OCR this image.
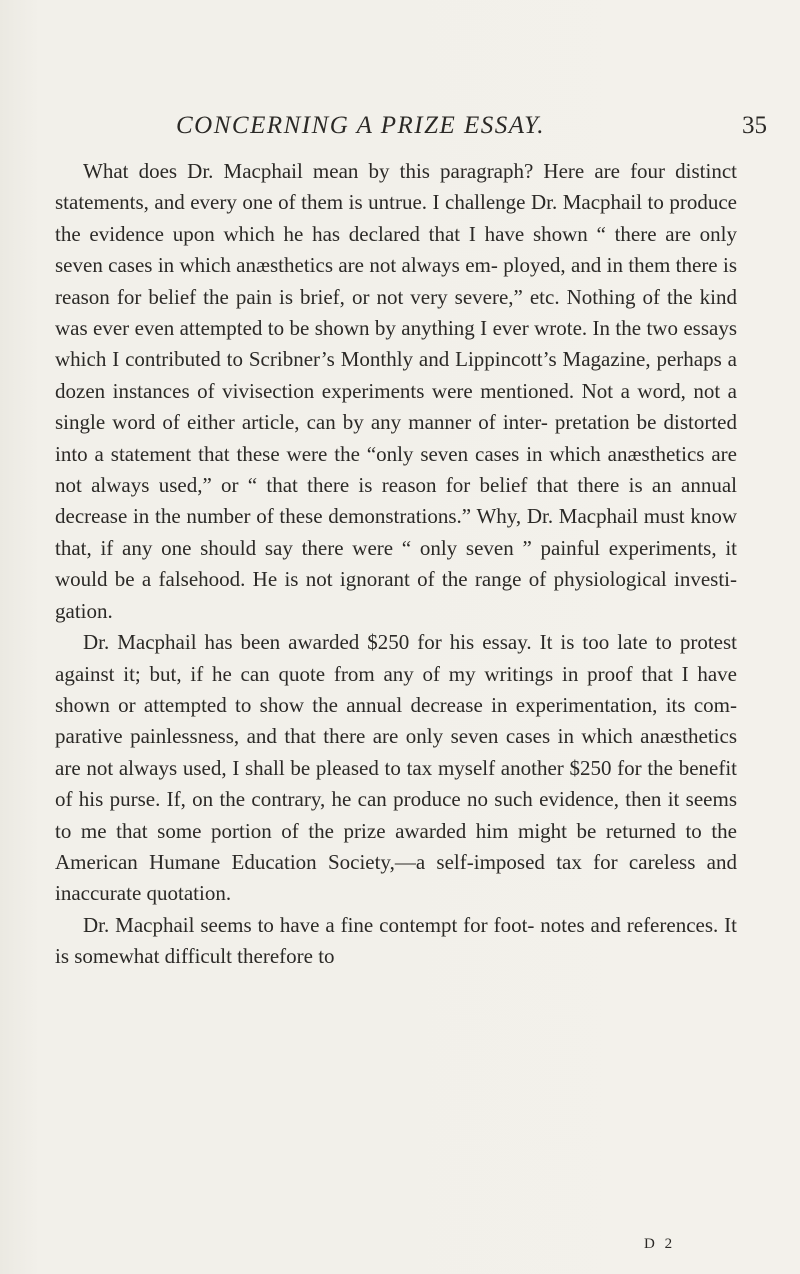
CONCERNING A PRIZE ESSAY.	35

What does Dr. Macphail mean by this paragraph? Here are four distinct statements, and every one of them is untrue. I challenge Dr. Macphail to produce the evidence upon which he has declared that I have shown “ there are only seven cases in which anæsthetics are not always em- ployed, and in them there is reason for belief the pain is brief, or not very severe,” etc. Nothing of the kind was ever even attempted to be shown by anything I ever wrote. In the two essays which I contributed to Scribner’s Monthly and Lippincott’s Magazine, perhaps a dozen instances of vivisection experiments were mentioned. Not a word, not a single word of either article, can by any manner of inter- pretation be distorted into a statement that these were the “only seven cases in which anæsthetics are not always used,” or “ that there is reason for belief that there is an annual decrease in the number of these demonstrations.” Why, Dr. Macphail must know that, if any one should say there were “ only seven ” painful experiments, it would be a falsehood. He is not ignorant of the range of physiological investi- gation.

Dr. Macphail has been awarded $250 for his essay. It is too late to protest against it; but, if he can quote from any of my writings in proof that I have shown or attempted to show the annual decrease in experimentation, its com- parative painlessness, and that there are only seven cases in which anæsthetics are not always used, I shall be pleased to tax myself another $250 for the benefit of his purse. If, on the contrary, he can produce no such evidence, then it seems to me that some portion of the prize awarded him might be returned to the American Humane Education Society,—a self-imposed tax for careless and inaccurate quotation.

Dr. Macphail seems to have a fine contempt for foot- notes and references. It is somewhat difficult therefore to

D 2
